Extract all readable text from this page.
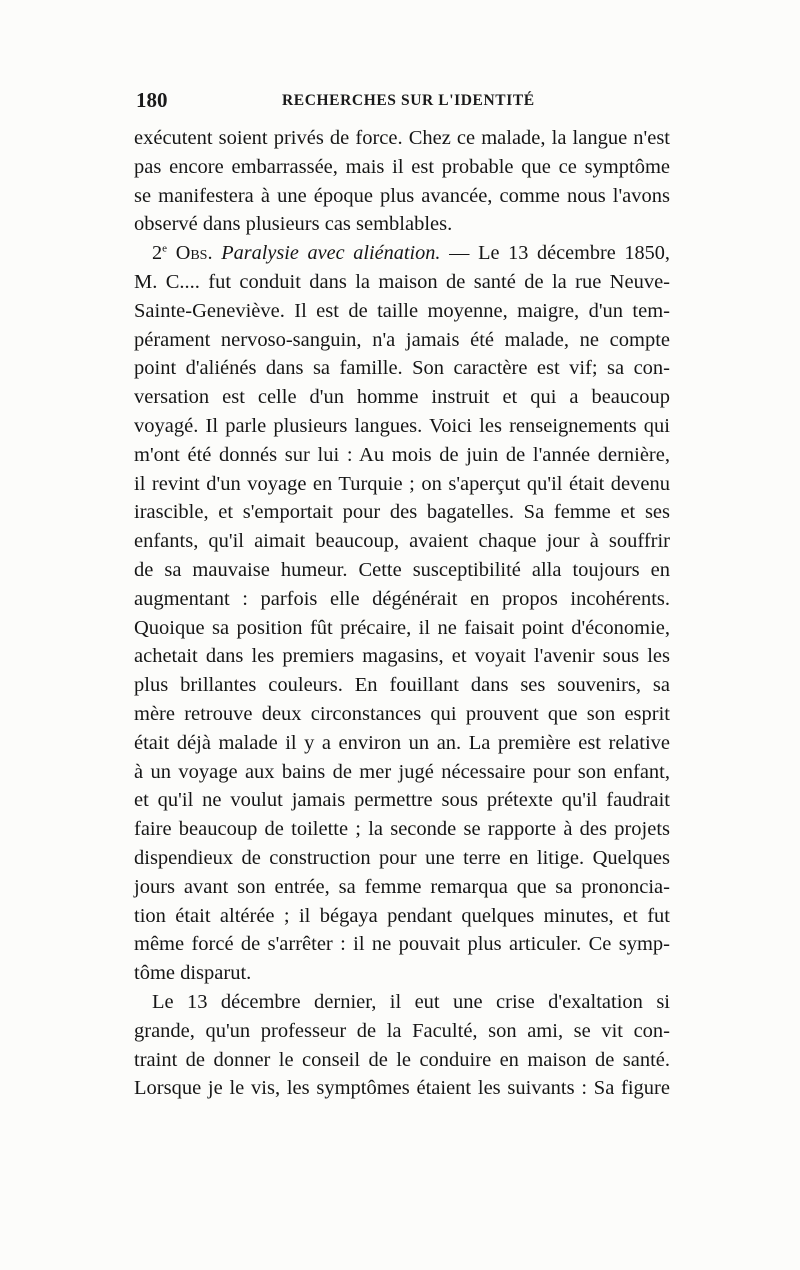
180	RECHERCHES SUR L'IDENTITÉ
exécutent soient privés de force. Chez ce malade, la langue n'est
pas encore embarrassée, mais il est probable que ce symptôme
se manifestera à une époque plus avancée, comme nous l'avons
observé dans plusieurs cas semblables.
2e Obs. Paralysie avec aliénation. — Le 13 décembre 1850,
M. C.... fut conduit dans la maison de santé de la rue Neuve-
Sainte-Geneviève. Il est de taille moyenne, maigre, d'un tem-
pérament nervoso-sanguin, n'a jamais été malade, ne compte
point d'aliénés dans sa famille. Son caractère est vif; sa con-
versation est celle d'un homme instruit et qui a beaucoup
voyagé. Il parle plusieurs langues. Voici les renseignements qui
m'ont été donnés sur lui : Au mois de juin de l'année dernière,
il revint d'un voyage en Turquie ; on s'aperçut qu'il était devenu
irascible, et s'emportait pour des bagatelles. Sa femme et ses
enfants, qu'il aimait beaucoup, avaient chaque jour à souffrir
de sa mauvaise humeur. Cette susceptibilité alla toujours en
augmentant : parfois elle dégénérait en propos incohérents.
Quoique sa position fût précaire, il ne faisait point d'économie,
achetait dans les premiers magasins, et voyait l'avenir sous les
plus brillantes couleurs. En fouillant dans ses souvenirs, sa
mère retrouve deux circonstances qui prouvent que son esprit
était déjà malade il y a environ un an. La première est relative
à un voyage aux bains de mer jugé nécessaire pour son enfant,
et qu'il ne voulut jamais permettre sous prétexte qu'il faudrait
faire beaucoup de toilette ; la seconde se rapporte à des projets
dispendieux de construction pour une terre en litige. Quelques
jours avant son entrée, sa femme remarqua que sa prononcia-
tion était altérée ; il bégaya pendant quelques minutes, et fut
même forcé de s'arrêter : il ne pouvait plus articuler. Ce symp-
tôme disparut.
Le 13 décembre dernier, il eut une crise d'exaltation si
grande, qu'un professeur de la Faculté, son ami, se vit con-
traint de donner le conseil de le conduire en maison de santé.
Lorsque je le vis, les symptômes étaient les suivants : Sa figure
